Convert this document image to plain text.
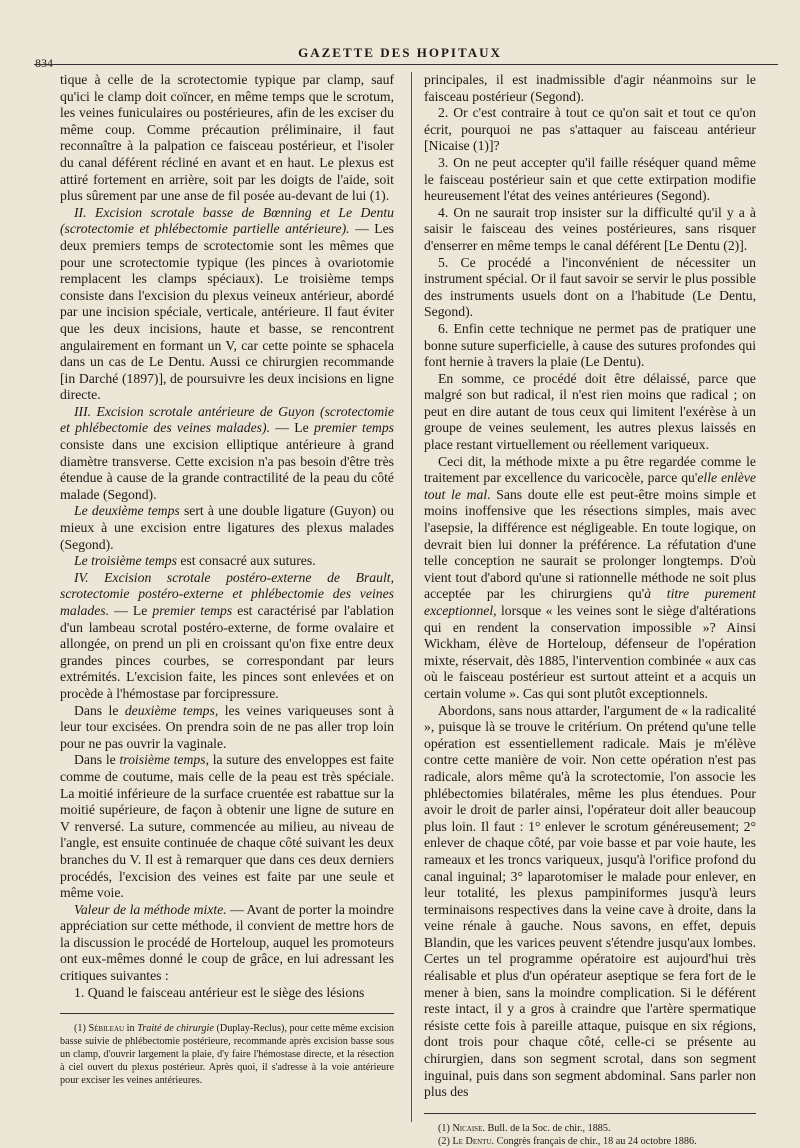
834
GAZETTE DES HOPITAUX

tique à celle de la scrotectomie typique par clamp, sauf qu'ici le clamp doit coïncer, en même temps que le scrotum, les veines funiculaires ou postérieures, afin de les exciser du même coup. Comme précaution préliminaire, il faut reconnaître à la palpation ce faisceau postérieur, et l'isoler du canal déférent récliné en avant et en haut. Le plexus est attiré fortement en arrière, soit par les doigts de l'aide, soit plus sûrement par une anse de fil posée au-devant de lui (1).

II. Excision scrotale basse de Bœnning et Le Dentu (scrotectomie et phlébectomie partielle antérieure). — Les deux premiers temps de scrotectomie sont les mêmes que pour une scrotectomie typique (les pinces à ovariotomie remplacent les clamps spéciaux). Le troisième temps consiste dans l'excision du plexus veineux antérieur, abordé par une incision spéciale, verticale, antérieure. Il faut éviter que les deux incisions, haute et basse, se rencontrent angulairement en formant un V, car cette pointe se sphacela dans un cas de Le Dentu. Aussi ce chirurgien recommande [in Darché (1897)], de poursuivre les deux incisions en ligne directe.

III. Excision scrotale antérieure de Guyon (scrotectomie et phlébectomie des veines malades). — Le premier temps consiste dans une excision elliptique antérieure à grand diamètre transverse. Cette excision n'a pas besoin d'être très étendue à cause de la grande contractilité de la peau du côté malade (Segond).

Le deuxième temps sert à une double ligature (Guyon) ou mieux à une excision entre ligatures des plexus malades (Segond).

Le troisième temps est consacré aux sutures.

IV. Excision scrotale postéro-externe de Brault, scrotectomie postéro-externe et phlébectomie des veines malades. — Le premier temps est caractérisé par l'ablation d'un lambeau scrotal postéro-externe, de forme ovalaire et allongée, on prend un pli en croissant qu'on fixe entre deux grandes pinces courbes, se correspondant par leurs extrémités. L'excision faite, les pinces sont enlevées et on procède à l'hémostase par forcipressure.

Dans le deuxième temps, les veines variqueuses sont à leur tour excisées. On prendra soin de ne pas aller trop loin pour ne pas ouvrir la vaginale.

Dans le troisième temps, la suture des enveloppes est faite comme de coutume, mais celle de la peau est très spéciale. La moitié inférieure de la surface cruentée est rabattue sur la moitié supérieure, de façon à obtenir une ligne de suture en V renversé. La suture, commencée au milieu, au niveau de l'angle, est ensuite continuée de chaque côté suivant les deux branches du V. Il est à remarquer que dans ces deux derniers procédés, l'excision des veines est faite par une seule et même voie.

Valeur de la méthode mixte. — Avant de porter la moindre appréciation sur cette méthode, il convient de mettre hors de la discussion le procédé de Horteloup, auquel les promoteurs ont eux-mêmes donné le coup de grâce, en lui adressant les critiques suivantes :

1. Quand le faisceau antérieur est le siège des lésions

(1) Sébileau in Traité de chirurgie (Duplay-Reclus), pour cette même excision basse suivie de phlébectomie postérieure, recommande après excision basse sous un clamp, d'ouvrir largement la plaie, d'y faire l'hémostase directe, et la résection à ciel ouvert du plexus postérieur. Après quoi, il s'adresse à la voie antérieure pour exciser les veines antérieures.

principales, il est inadmissible d'agir néanmoins sur le faisceau postérieur (Segond).

2. Or c'est contraire à tout ce qu'on sait et tout ce qu'on écrit, pourquoi ne pas s'attaquer au faisceau antérieur [Nicaise (1)]?

3. On ne peut accepter qu'il faille réséquer quand même le faisceau postérieur sain et que cette extirpation modifie heureusement l'état des veines antérieures (Segond).

4. On ne saurait trop insister sur la difficulté qu'il y a à saisir le faisceau des veines postérieures, sans risquer d'enserrer en même temps le canal déférent [Le Dentu (2)].

5. Ce procédé a l'inconvénient de nécessiter un instrument spécial. Or il faut savoir se servir le plus possible des instruments usuels dont on a l'habitude (Le Dentu, Segond).

6. Enfin cette technique ne permet pas de pratiquer une bonne suture superficielle, à cause des sutures profondes qui font hernie à travers la plaie (Le Dentu).

En somme, ce procédé doit être délaissé, parce que malgré son but radical, il n'est rien moins que radical ; on peut en dire autant de tous ceux qui limitent l'exérèse à un groupe de veines seulement, les autres plexus laissés en place restant virtuellement ou réellement variqueux.

Ceci dit, la méthode mixte a pu être regardée comme le traitement par excellence du varicocèle, parce qu'elle enlève tout le mal. Sans doute elle est peut-être moins simple et moins inoffensive que les résections simples, mais avec l'asepsie, la différence est négligeable. En toute logique, on devrait bien lui donner la préférence. La réfutation d'une telle conception ne saurait se prolonger longtemps. D'où vient tout d'abord qu'une si rationnelle méthode ne soit plus acceptée par les chirurgiens qu'à titre purement exceptionnel, lorsque « les veines sont le siège d'altérations qui en rendent la conservation impossible »? Ainsi Wickham, élève de Horteloup, défenseur de l'opération mixte, réservait, dès 1885, l'intervention combinée « aux cas où le faisceau postérieur est surtout atteint et a acquis un certain volume ». Cas qui sont plutôt exceptionnels.

Abordons, sans nous attarder, l'argument de « la radicalité », puisque là se trouve le critérium. On prétend qu'une telle opération est essentiellement radicale. Mais je m'élève contre cette manière de voir. Non cette opération n'est pas radicale, alors même qu'à la scrotectomie, l'on associe les phlébectomies bilatérales, même les plus étendues. Pour avoir le droit de parler ainsi, l'opérateur doit aller beaucoup plus loin. Il faut : 1° enlever le scrotum généreusement; 2° enlever de chaque côté, par voie basse et par voie haute, les rameaux et les troncs variqueux, jusqu'à l'orifice profond du canal inguinal; 3° laparotomiser le malade pour enlever, en leur totalité, les plexus pampiniformes jusqu'à leurs terminaisons respectives dans la veine cave à droite, dans la veine rénale à gauche. Nous savons, en effet, depuis Blandin, que les varices peuvent s'étendre jusqu'aux lombes. Certes un tel programme opératoire est aujourd'hui très réalisable et plus d'un opérateur aseptique se fera fort de le mener à bien, sans la moindre complication. Si le déférent reste intact, il y a gros à craindre que l'artère spermatique résiste cette fois à pareille attaque, puisque en six régions, dont trois pour chaque côté, celle-ci se présente au chirurgien, dans son segment scrotal, dans son segment inguinal, puis dans son segment abdominal. Sans parler non plus des

(1) Nicaise. Bull. de la Soc. de chir., 1885.

(2) Le Dentu. Congrès français de chir., 18 au 24 octobre 1886.
